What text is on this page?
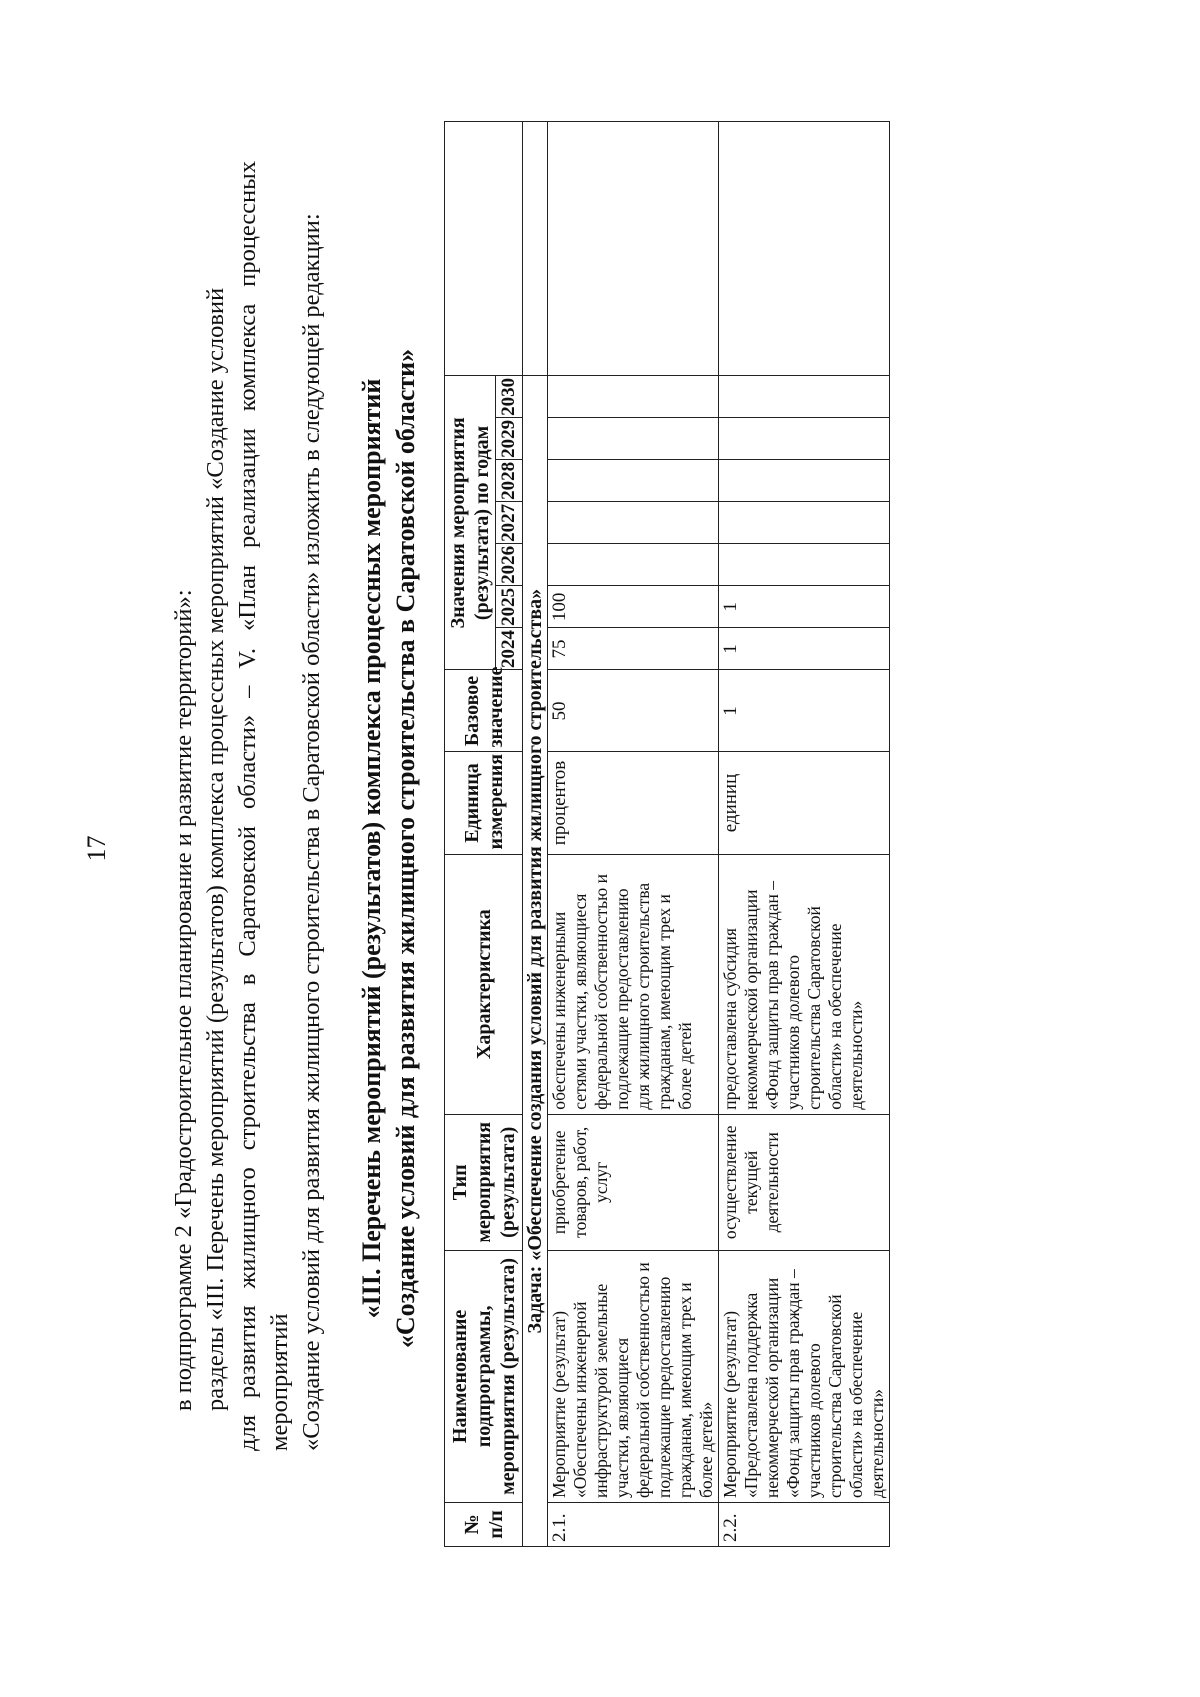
17 в подпрограмме 2 «Градостроительное планирование и развитие территорий»: разделы «III. Перечень мероприятий (результатов) комплекса процессных мероприятий «Создание условий для развития жилищного строительства в Саратовской области» – V. «План реализации комплекса процессных мероприятий «Создание условий для развития жилищного строительства в Саратовской области» изложить в следующей редакции: «III. Перечень мероприятий (результатов) комплекса процессных мероприятий «Создание условий для развития жилищного строительства в Саратовской области»
№ п/п	Наименование подпрограммы, мероприятия (результата)	Тип мероприятия (результата)	Характеристика	Единица измерения	Базовое значение	Значения мероприятия (результата) по годам							
						2024	2025	2026	2027	2028	2029	2030	
Задача: «Обеспечение создания условий для развития жилищного строительства»													
2.1.	Мероприятие (результат) «Обеспечены инженерной инфраструктурой земельные участки, являющиеся федеральной собственностью и подлежащие предоставлению гражданам, имеющим трех и более детей»	приобретение товаров, работ, услуг	обеспечены инженерными сетями участки, являющиеся федеральной собственностью и подлежащие предоставлению для жилищного строительства гражданам, имеющим трех и более детей	процентов	50	75	100						
2.2.	Мероприятие (результат) «Предоставлена поддержка некоммерческой организации «Фонд защиты прав граждан – участников долевого строительства Саратовской области» на обеспечение деятельности»	осуществление текущей деятельности	предоставлена субсидия некоммерческой организации «Фонд защиты прав граждан – участников долевого строительства Саратовской области» на обеспечение деятельности»	единиц	1	1	1						
